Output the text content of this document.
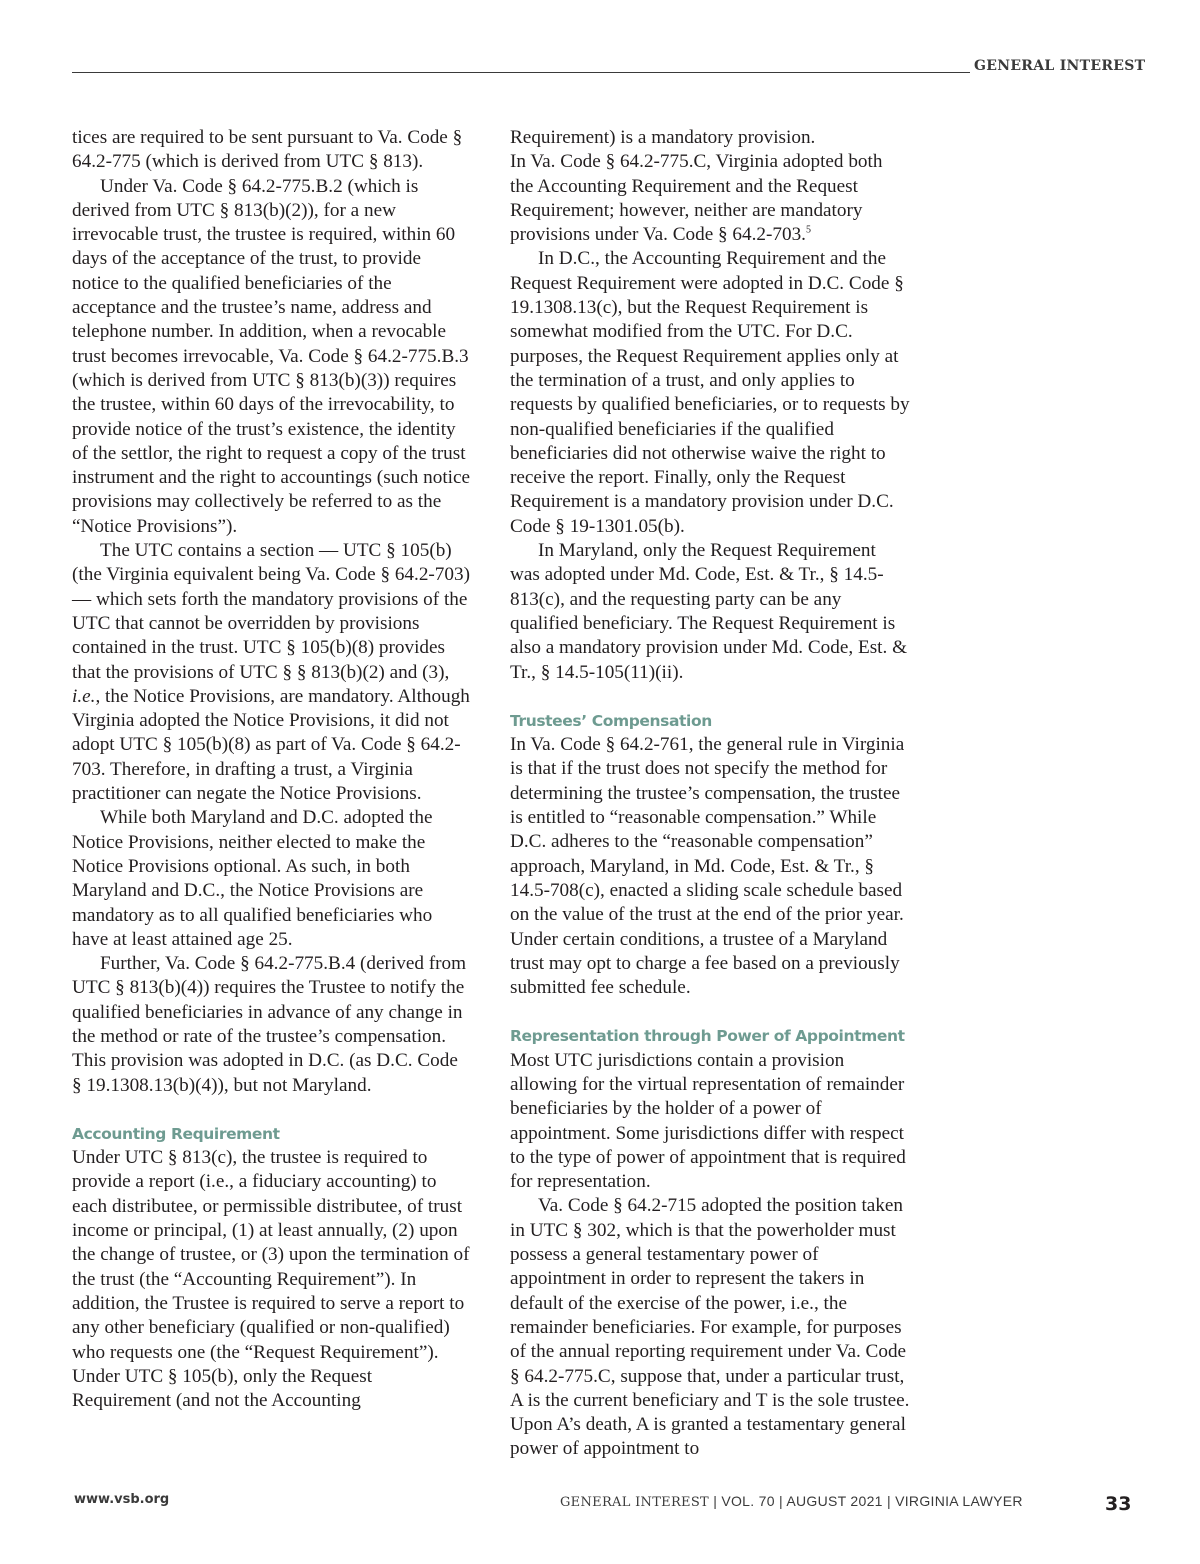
GENERAL INTEREST

tices are required to be sent pursuant to Va. Code § 64.2-775 (which is derived from UTC § 813).

Under Va. Code § 64.2-775.B.2 (which is derived from UTC § 813(b)(2)), for a new irrevocable trust, the trustee is required, within 60 days of the acceptance of the trust, to provide notice to the qualified beneficiaries of the acceptance and the trustee’s name, address and telephone number. In addition, when a revocable trust becomes irrevocable, Va. Code § 64.2-775.B.3 (which is derived from UTC § 813(b)(3)) requires the trustee, within 60 days of the irrevocability, to provide notice of the trust’s existence, the identity of the settlor, the right to request a copy of the trust instrument and the right to accountings (such notice provisions may collectively be referred to as the “Notice Provisions”).

The UTC contains a section — UTC § 105(b) (the Virginia equivalent being Va. Code § 64.2-703) — which sets forth the mandatory provisions of the UTC that cannot be overridden by provisions contained in the trust. UTC § 105(b)(8) provides that the provisions of UTC § § 813(b)(2) and (3), i.e., the Notice Provisions, are mandatory. Although Virginia adopted the Notice Provisions, it did not adopt UTC § 105(b)(8) as part of Va. Code § 64.2-703. Therefore, in drafting a trust, a Virginia practitioner can negate the Notice Provisions.

While both Maryland and D.C. adopted the Notice Provisions, neither elected to make the Notice Provisions optional. As such, in both Maryland and D.C., the Notice Provisions are mandatory as to all qualified beneficiaries who have at least attained age 25.

Further, Va. Code § 64.2-775.B.4 (derived from UTC § 813(b)(4)) requires the Trustee to notify the qualified beneficiaries in advance of any change in the method or rate of the trustee’s compensation. This provision was adopted in D.C. (as D.C. Code § 19.1308.13(b)(4)), but not Maryland.

Accounting Requirement

Under UTC § 813(c), the trustee is required to provide a report (i.e., a fiduciary accounting) to each distributee, or permissible distributee, of trust income or principal, (1) at least annually, (2) upon the change of trustee, or (3) upon the termination of the trust (the “Accounting Requirement”). In addition, the Trustee is required to serve a report to any other beneficiary (qualified or non-qualified) who requests one (the “Request Requirement”). Under UTC § 105(b), only the Request Requirement (and not the Accounting

Requirement) is a mandatory provision.

In Va. Code § 64.2-775.C, Virginia adopted both the Accounting Requirement and the Request Requirement; however, neither are mandatory provisions under Va. Code § 64.2-703.$^5$

In D.C., the Accounting Requirement and the Request Requirement were adopted in D.C. Code § 19.1308.13(c), but the Request Requirement is somewhat modified from the UTC. For D.C. purposes, the Request Requirement applies only at the termination of a trust, and only applies to requests by qualified beneficiaries, or to requests by non-qualified beneficiaries if the qualified beneficiaries did not otherwise waive the right to receive the report. Finally, only the Request Requirement is a mandatory provision under D.C. Code § 19-1301.05(b).

In Maryland, only the Request Requirement was adopted under Md. Code, Est. & Tr., § 14.5-813(c), and the requesting party can be any qualified beneficiary. The Request Requirement is also a mandatory provision under Md. Code, Est. & Tr., § 14.5-105(11)(ii).

Trustees’ Compensation

In Va. Code § 64.2-761, the general rule in Virginia is that if the trust does not specify the method for determining the trustee’s compensation, the trustee is entitled to “reasonable compensation.” While D.C. adheres to the “reasonable compensation” approach, Maryland, in Md. Code, Est. & Tr., § 14.5-708(c), enacted a sliding scale schedule based on the value of the trust at the end of the prior year. Under certain conditions, a trustee of a Maryland trust may opt to charge a fee based on a previously submitted fee schedule.

Representation through Power of Appointment

Most UTC jurisdictions contain a provision allowing for the virtual representation of remainder beneficiaries by the holder of a power of appointment. Some jurisdictions differ with respect to the type of power of appointment that is required for representation.

Va. Code § 64.2-715 adopted the position taken in UTC § 302, which is that the powerholder must possess a general testamentary power of appointment in order to represent the takers in default of the exercise of the power, i.e., the remainder beneficiaries. For example, for purposes of the annual reporting requirement under Va. Code § 64.2-775.C, suppose that, under a particular trust, A is the current beneficiary and T is the sole trustee. Upon A’s death, A is granted a testamentary general power of appointment to

www.vsb.org	GENERAL INTEREST | VOL. 70 | AUGUST 2021 | VIRGINIA LAWYER	33
